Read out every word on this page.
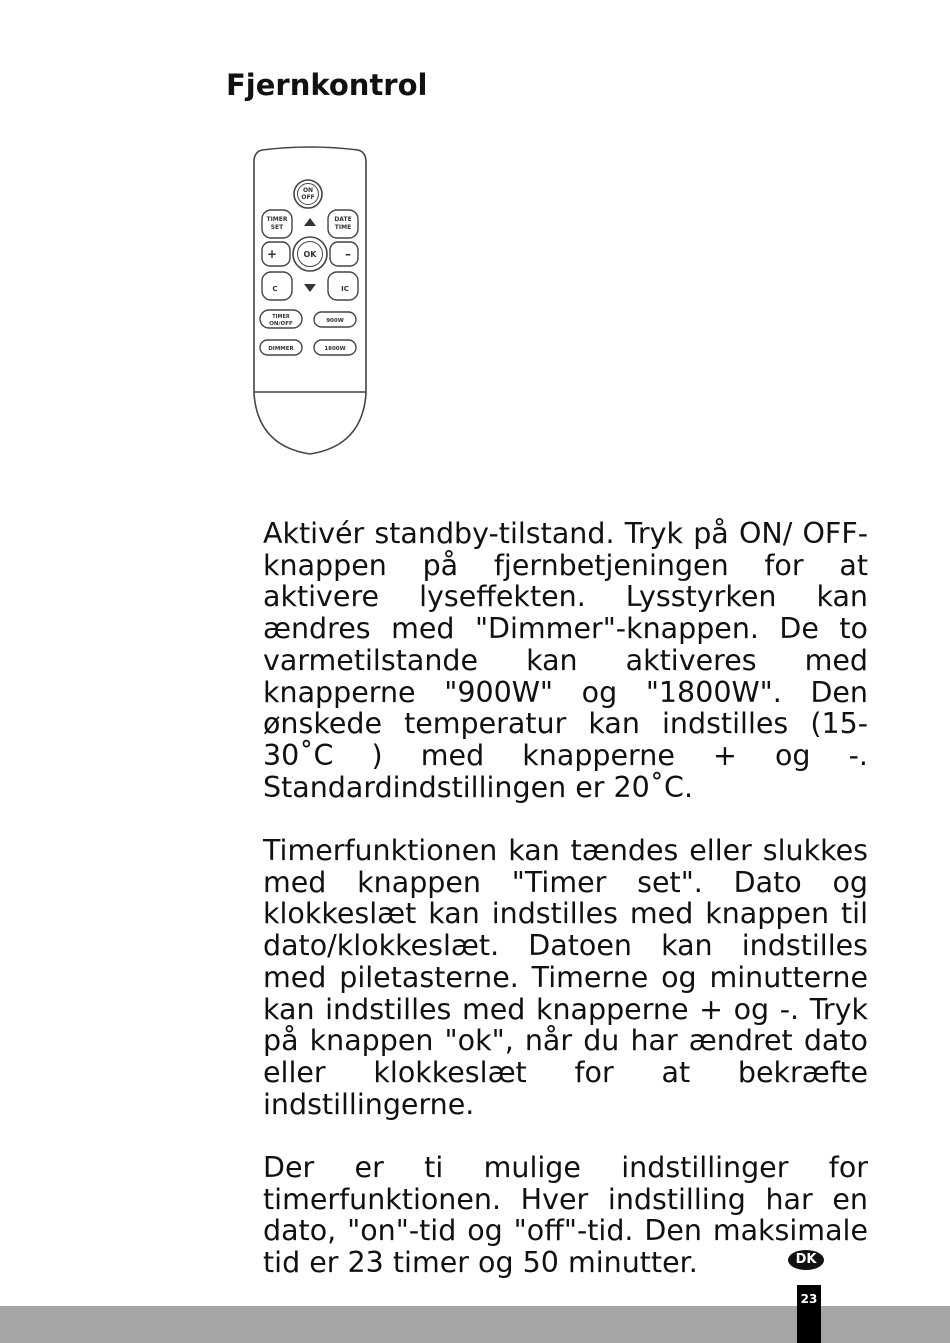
Fjernkontrol
ON
OFF
TIMER
SET
DATE
TIME
+	OK –
C	IC
TIMER
ON/OFF	900W
DIMMER	1800W

Aktivér standby-tilstand. Tryk på ON/ OFF-knappen på fjernbetjeningen for at aktivere lyseffekten. Lysstyrken kan ændres med "Dimmer"-knappen. De to varmetilstande kan aktiveres med knapperne "900W" og "1800W". Den ønskede temperatur kan indstilles (15-30˚C ) med knapperne + og -. Standardindstillingen er 20˚C.

Timerfunktionen kan tændes eller slukkes med knappen "Timer set". Dato og klokkeslæt kan indstilles med knappen til dato/klokkeslæt. Datoen kan indstilles med piletasterne. Timerne og minutterne kan indstilles med knapperne + og -. Tryk på knappen "ok", når du har ændret dato eller klokkeslæt for at bekræfte indstillingerne.

Der er ti mulige indstillinger for timerfunktionen. Hver indstilling har en dato, "on"-tid og "off"-tid. Den maksimale tid er 23 timer og 50 minutter.	DK
23
